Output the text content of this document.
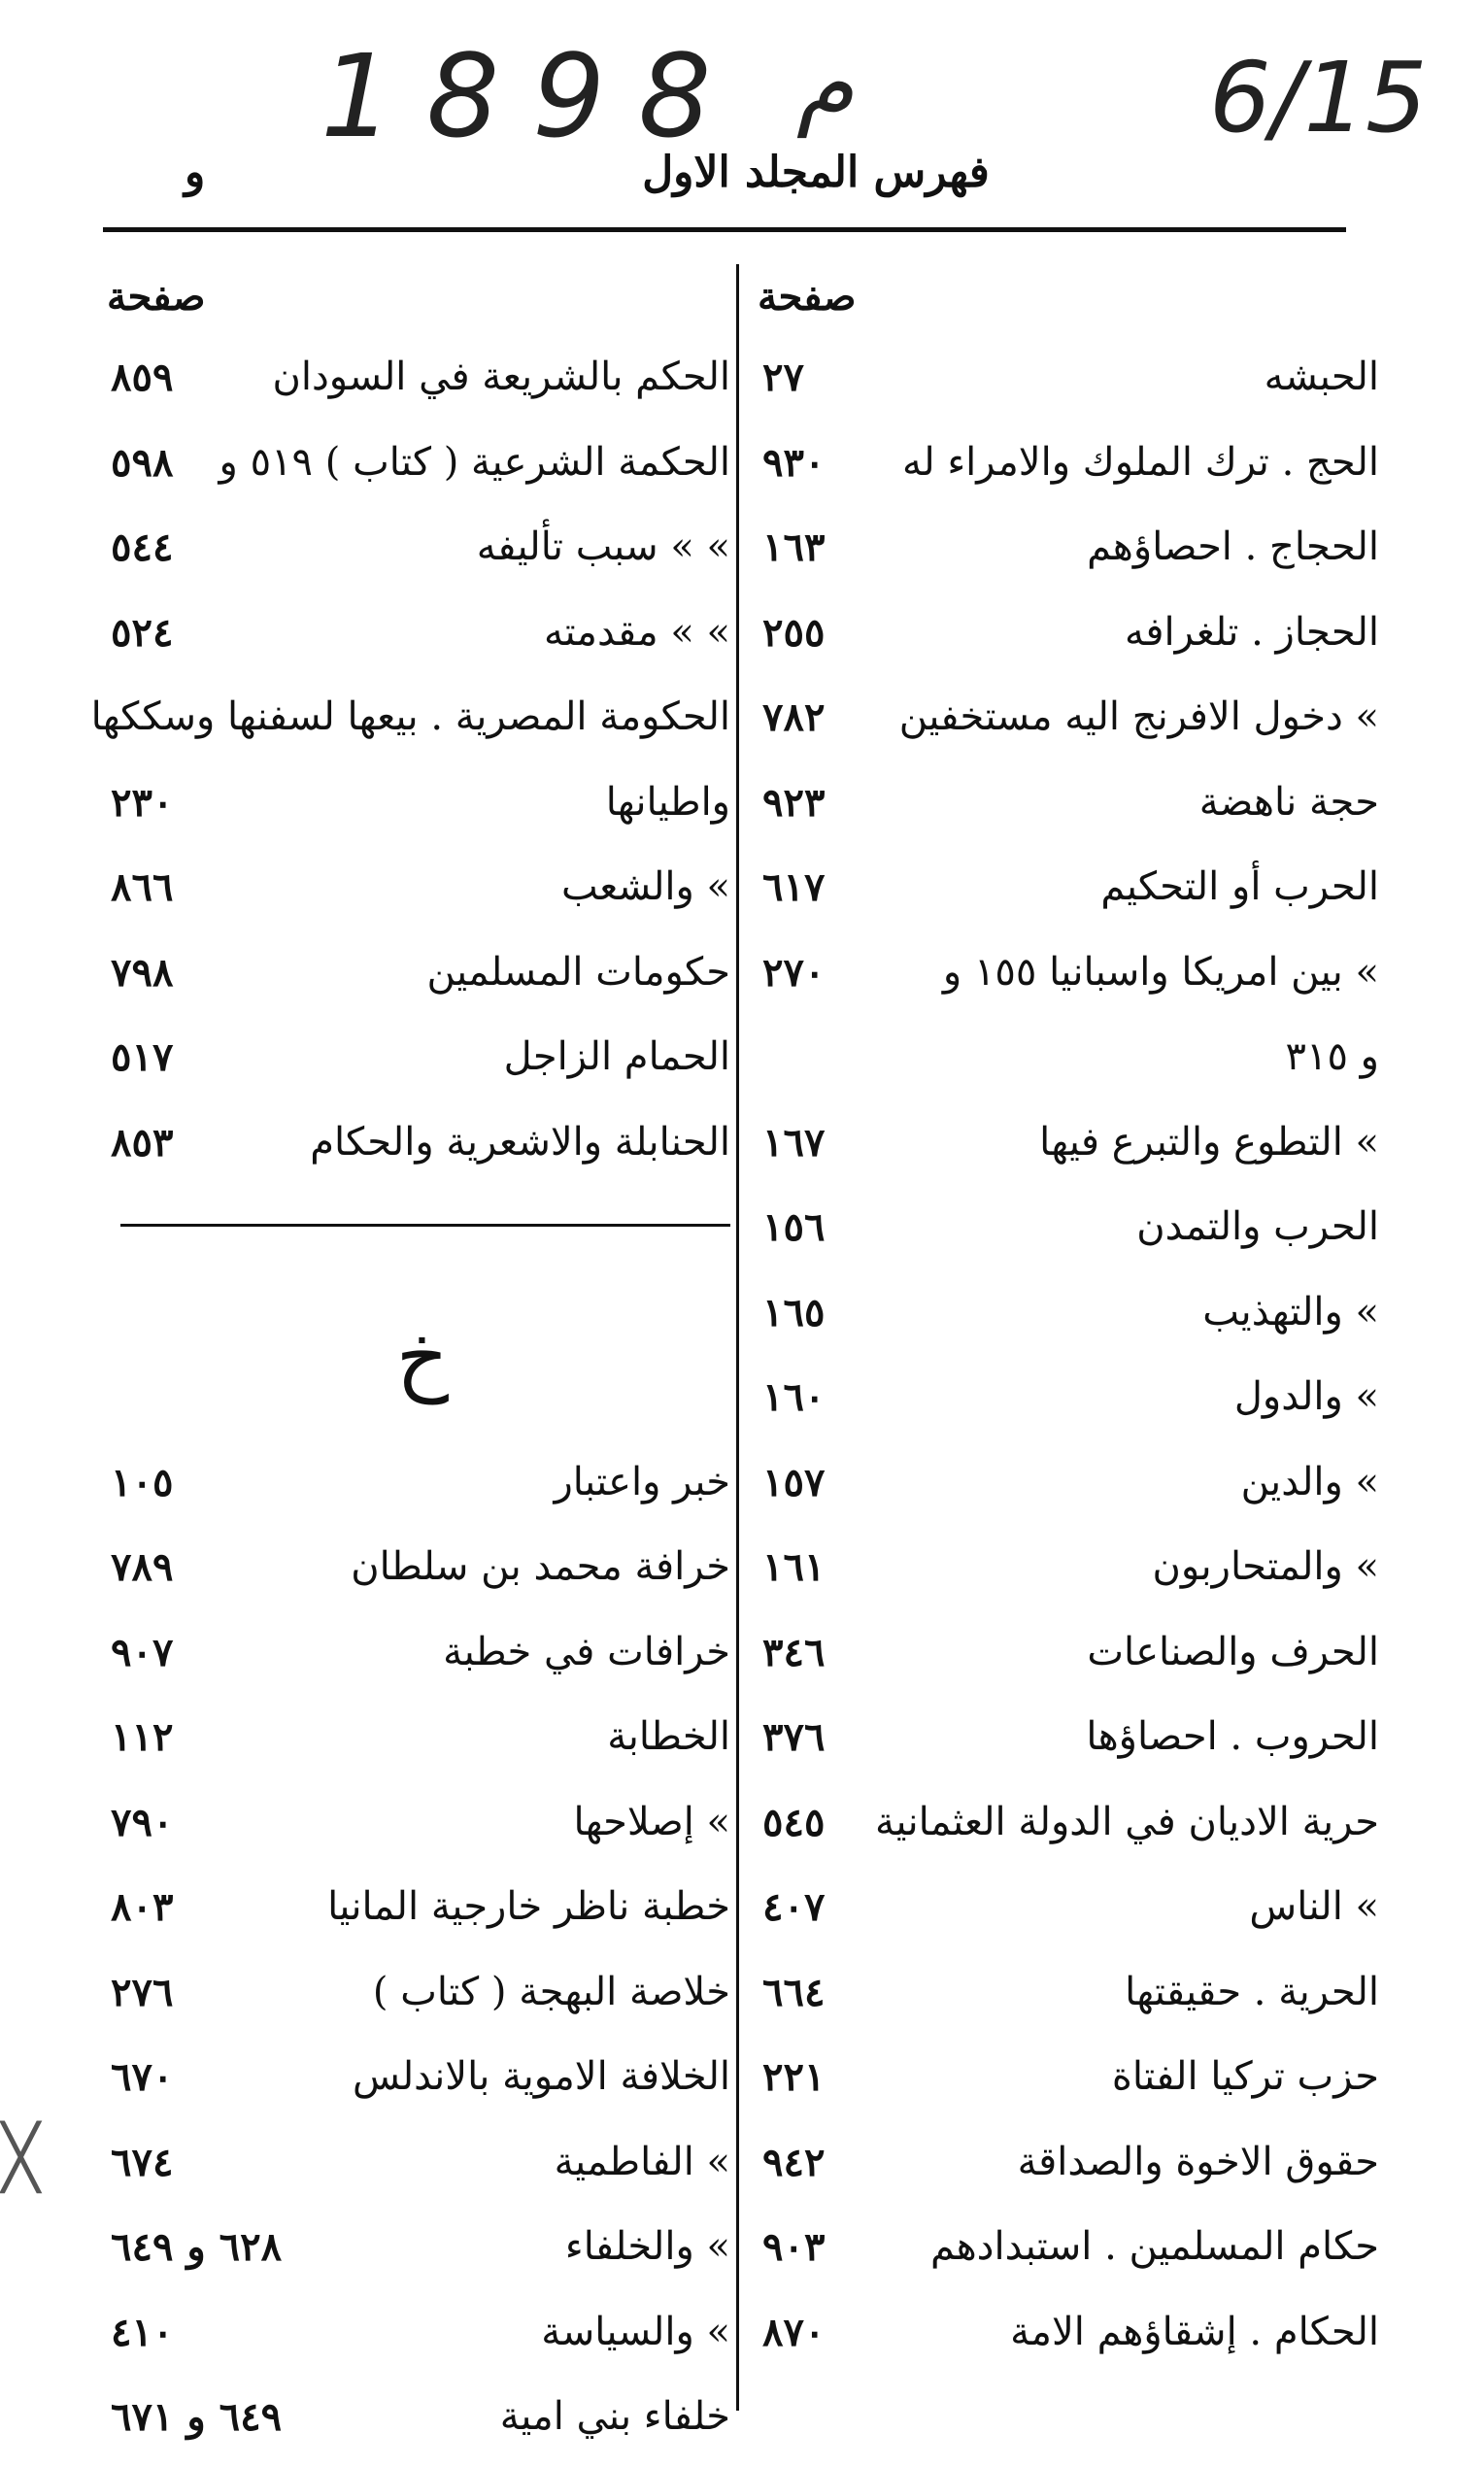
1898 م	6/15
فهرس المجلد الاول
و
صفحة
صفحة
الحبشه
٢٧
الحج . ترك الملوك والامراء له
٩٣٠
الحجاج . احصاؤهم
١٦٣
الحجاز . تلغرافه
٢٥٥
» دخول الافرنج اليه مستخفين
٧٨٢
حجة ناهضة
٩٢٣
الحرب أو التحكيم
٦١٧
» بين امريكا واسبانيا ١٥٥ و
٢٧٠
و ٣١٥
» التطوع والتبرع فيها
١٦٧
الحرب والتمدن
١٥٦
» والتهذيب
١٦٥
» والدول
١٦٠
» والدين
١٥٧
» والمتحاربون
١٦١
الحرف والصناعات
٣٤٦
الحروب . احصاؤها
٣٧٦
حرية الاديان في الدولة العثمانية
٥٤٥
» الناس
٤٠٧
الحرية . حقيقتها
٦٦٤
حزب تركيا الفتاة
٢٢١
حقوق الاخوة والصداقة
٩٤٢
حكام المسلمين . استبدادهم
٩٠٣
الحكام . إشقاؤهم الامة
٨٧٠
الحكم بالشريعة في السودان
٨٥٩
الحكمة الشرعية ( كتاب ) ٥١٩ و
٥٩٨
» » سبب تأليفه
٥٤٤
» » مقدمته
٥٢٤
الحكومة المصرية . بيعها لسفنها وسككها
واطيانها
٢٣٠
» والشعب
٨٦٦
حكومات المسلمين
٧٩٨
الحمام الزاجل
٥١٧
الحنابلة والاشعرية والحكام
٨٥٣
خ
خبر واعتبار
١٠٥
خرافة محمد بن سلطان
٧٨٩
خرافات في خطبة
٩٠٧
الخطابة
١١٢
» إصلاحها
٧٩٠
خطبة ناظر خارجية المانيا
٨٠٣
خلاصة البهجة ( كتاب )
٢٧٦
الخلافة الاموية بالاندلس
٦٧٠
» الفاطمية
٦٧٤
» والخلفاء
٦٢٨ و ٦٤٩
» والسياسة
٤١٠
خلفاء بني امية
٦٤٩ و ٦٧١
╳
